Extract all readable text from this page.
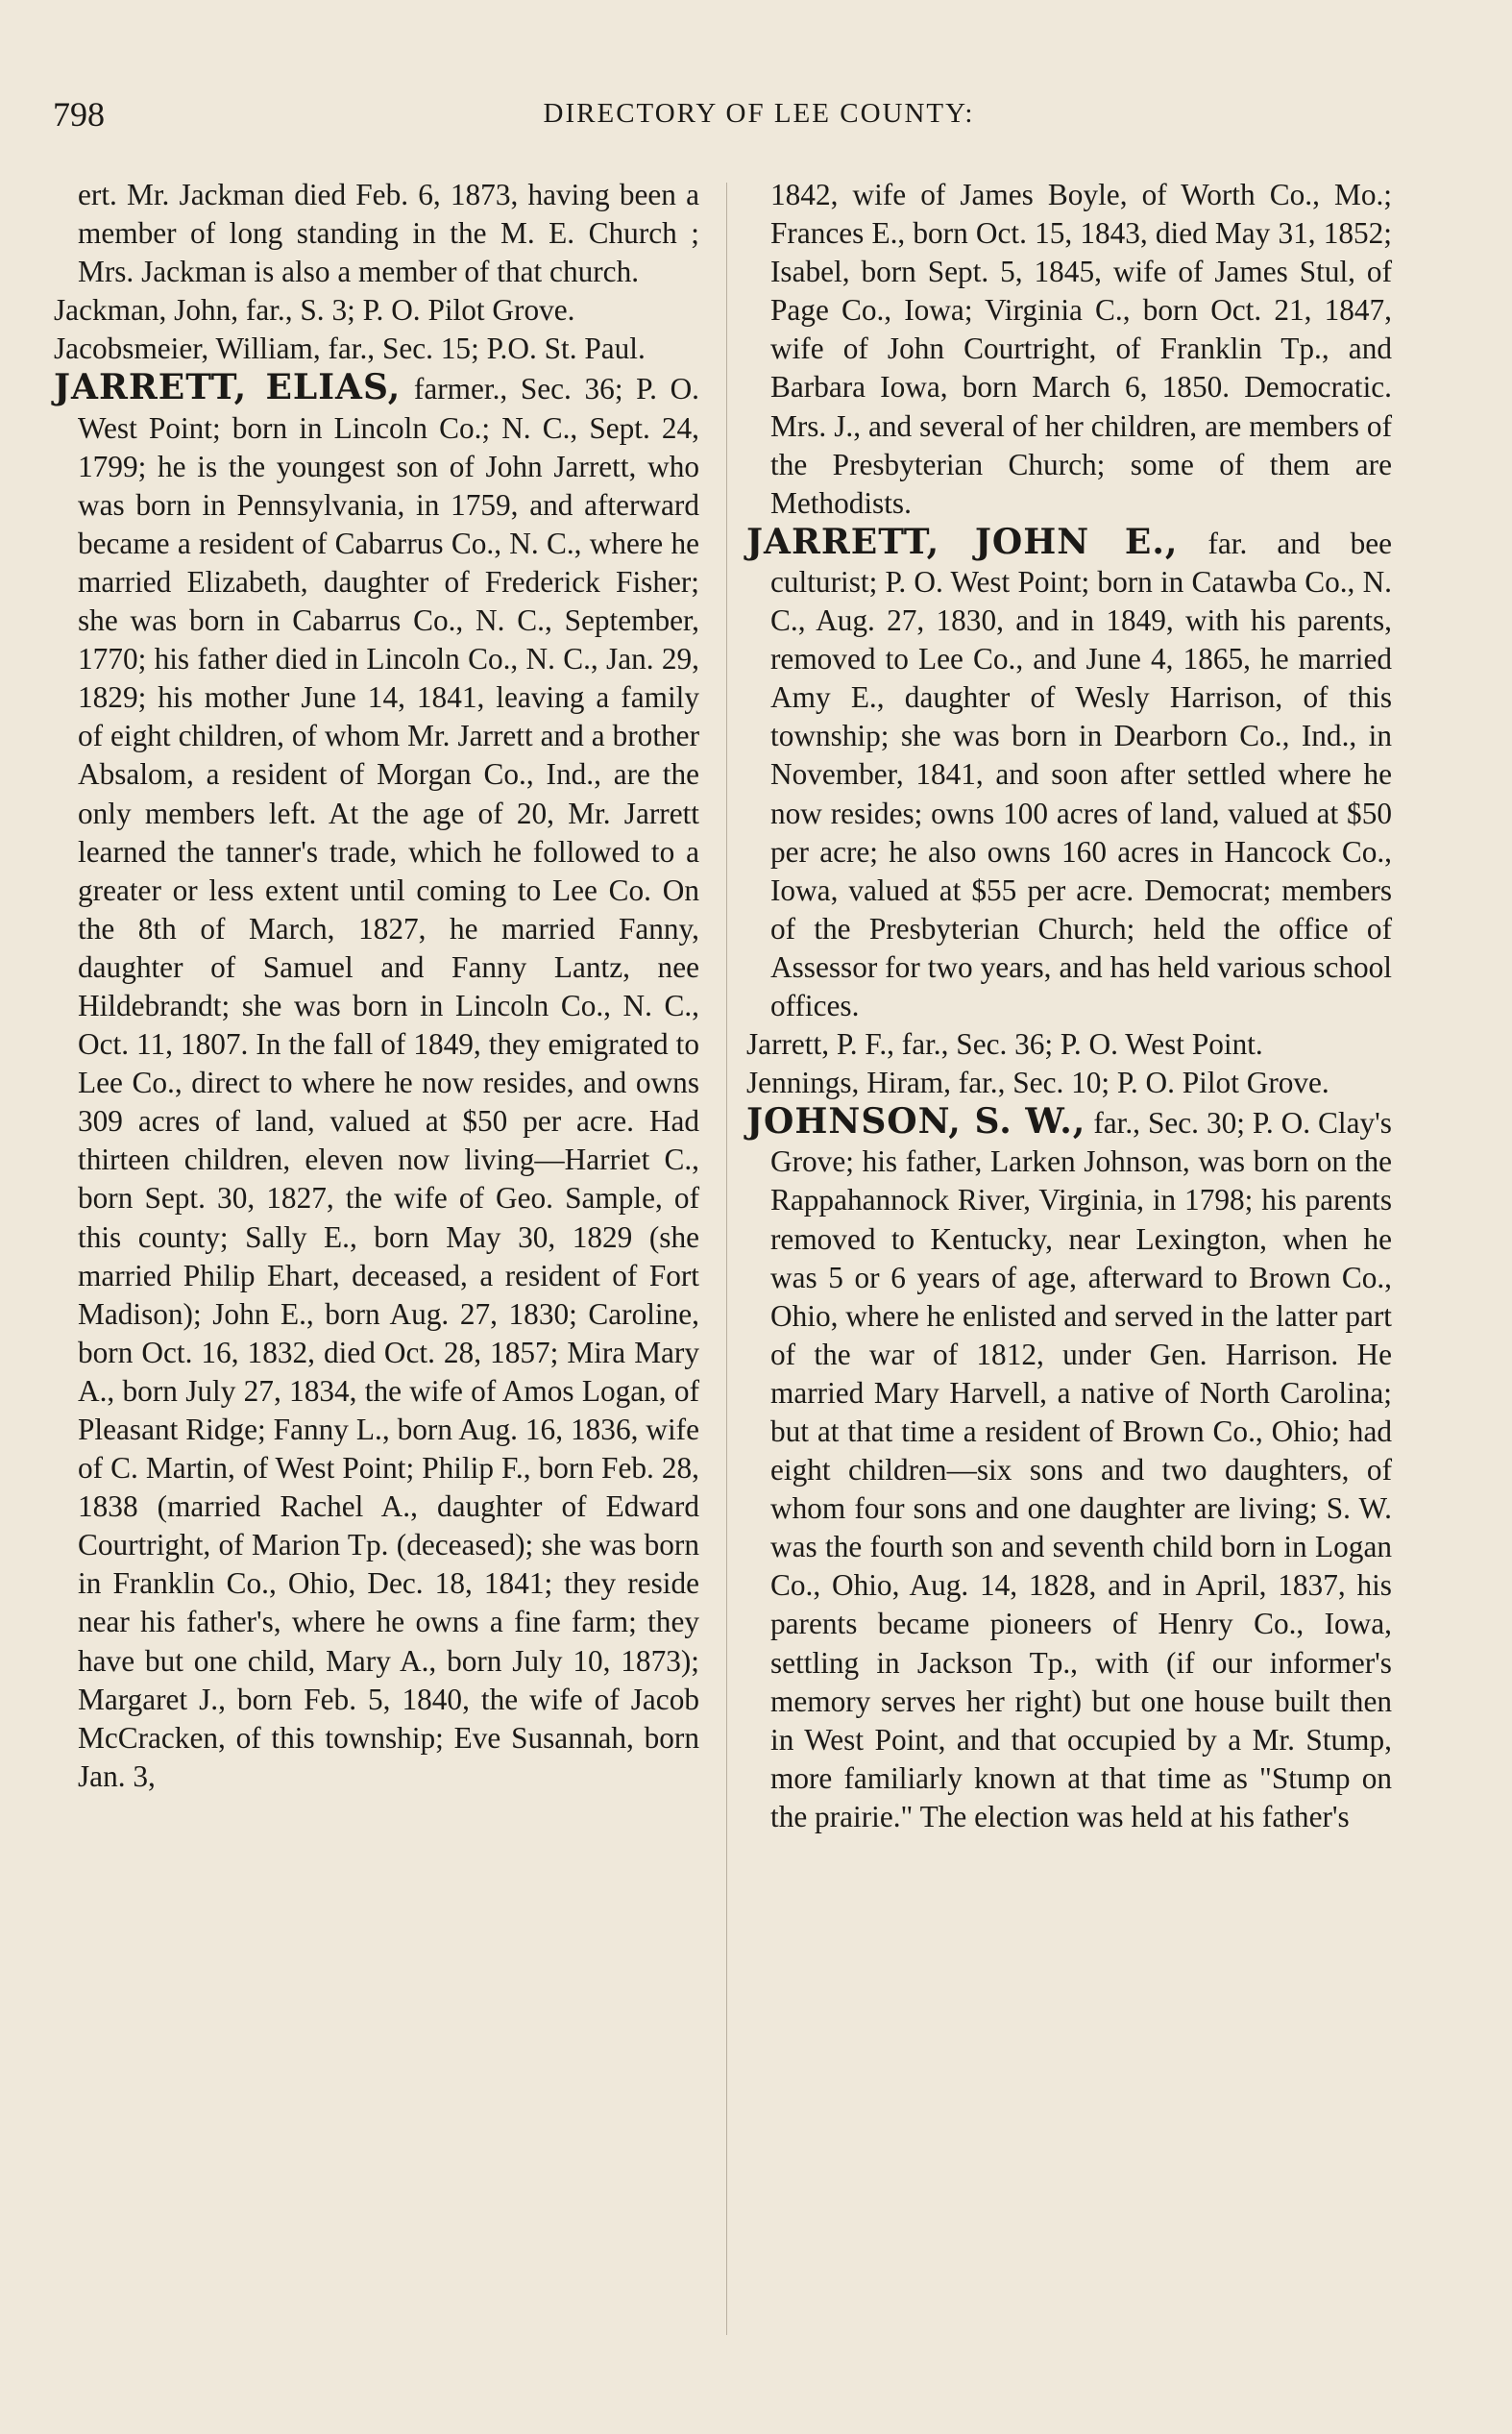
798	DIRECTORY OF LEE COUNTY:

ert. Mr. Jackman died Feb. 6, 1873, having been a member of long standing in the M. E. Church ; Mrs. Jackman is also a member of that church.

Jackman, John, far., S. 3; P. O. Pilot Grove.

Jacobsmeier, William, far., Sec. 15; P.O. St. Paul.

JARRETT, ELIAS, farmer., Sec. 36; P. O. West Point; born in Lincoln Co.; N. C., Sept. 24, 1799; he is the youngest son of John Jarrett, who was born in Pennsylvania, in 1759, and afterward became a resident of Cabarrus Co., N. C., where he married Elizabeth, daughter of Frederick Fisher; she was born in Cabarrus Co., N. C., September, 1770; his father died in Lincoln Co., N. C., Jan. 29, 1829; his mother June 14, 1841, leaving a family of eight children, of whom Mr. Jarrett and a brother Absalom, a resident of Morgan Co., Ind., are the only members left. At the age of 20, Mr. Jarrett learned the tanner's trade, which he followed to a greater or less extent until coming to Lee Co. On the 8th of March, 1827, he married Fanny, daughter of Samuel and Fanny Lantz, nee Hildebrandt; she was born in Lincoln Co., N. C., Oct. 11, 1807. In the fall of 1849, they emigrated to Lee Co., direct to where he now resides, and owns 309 acres of land, valued at $50 per acre. Had thirteen children, eleven now living—Harriet C., born Sept. 30, 1827, the wife of Geo. Sample, of this county; Sally E., born May 30, 1829 (she married Philip Ehart, deceased, a resident of Fort Madison); John E., born Aug. 27, 1830; Caroline, born Oct. 16, 1832, died Oct. 28, 1857; Mira Mary A., born July 27, 1834, the wife of Amos Logan, of Pleasant Ridge; Fanny L., born Aug. 16, 1836, wife of C. Martin, of West Point; Philip F., born Feb. 28, 1838 (married Rachel A., daughter of Edward Courtright, of Marion Tp. (deceased); she was born in Franklin Co., Ohio, Dec. 18, 1841; they reside near his father's, where he owns a fine farm; they have but one child, Mary A., born July 10, 1873); Margaret J., born Feb. 5, 1840, the wife of Jacob McCracken, of this township; Eve Susannah, born Jan. 3,

1842, wife of James Boyle, of Worth Co., Mo.; Frances E., born Oct. 15, 1843, died May 31, 1852; Isabel, born Sept. 5, 1845, wife of James Stul, of Page Co., Iowa; Virginia C., born Oct. 21, 1847, wife of John Courtright, of Franklin Tp., and Barbara Iowa, born March 6, 1850. Democratic. Mrs. J., and several of her children, are members of the Presbyterian Church; some of them are Methodists.

JARRETT, JOHN E., far. and bee culturist; P. O. West Point; born in Catawba Co., N. C., Aug. 27, 1830, and in 1849, with his parents, removed to Lee Co., and June 4, 1865, he married Amy E., daughter of Wesly Harrison, of this township; she was born in Dearborn Co., Ind., in November, 1841, and soon after settled where he now resides; owns 100 acres of land, valued at $50 per acre; he also owns 160 acres in Hancock Co., Iowa, valued at $55 per acre. Democrat; members of the Presbyterian Church; held the office of Assessor for two years, and has held various school offices.

Jarrett, P. F., far., Sec. 36; P. O. West Point.

Jennings, Hiram, far., Sec. 10; P. O. Pilot Grove.

JOHNSON, S. W., far., Sec. 30; P. O. Clay's Grove; his father, Larken Johnson, was born on the Rappahannock River, Virginia, in 1798; his parents removed to Kentucky, near Lexington, when he was 5 or 6 years of age, afterward to Brown Co., Ohio, where he enlisted and served in the latter part of the war of 1812, under Gen. Harrison. He married Mary Harvell, a native of North Carolina; but at that time a resident of Brown Co., Ohio; had eight children—six sons and two daughters, of whom four sons and one daughter are living; S. W. was the fourth son and seventh child born in Logan Co., Ohio, Aug. 14, 1828, and in April, 1837, his parents became pioneers of Henry Co., Iowa, settling in Jackson Tp., with (if our informer's memory serves her right) but one house built then in West Point, and that occupied by a Mr. Stump, more familiarly known at that time as "Stump on the prairie." The election was held at his father's
